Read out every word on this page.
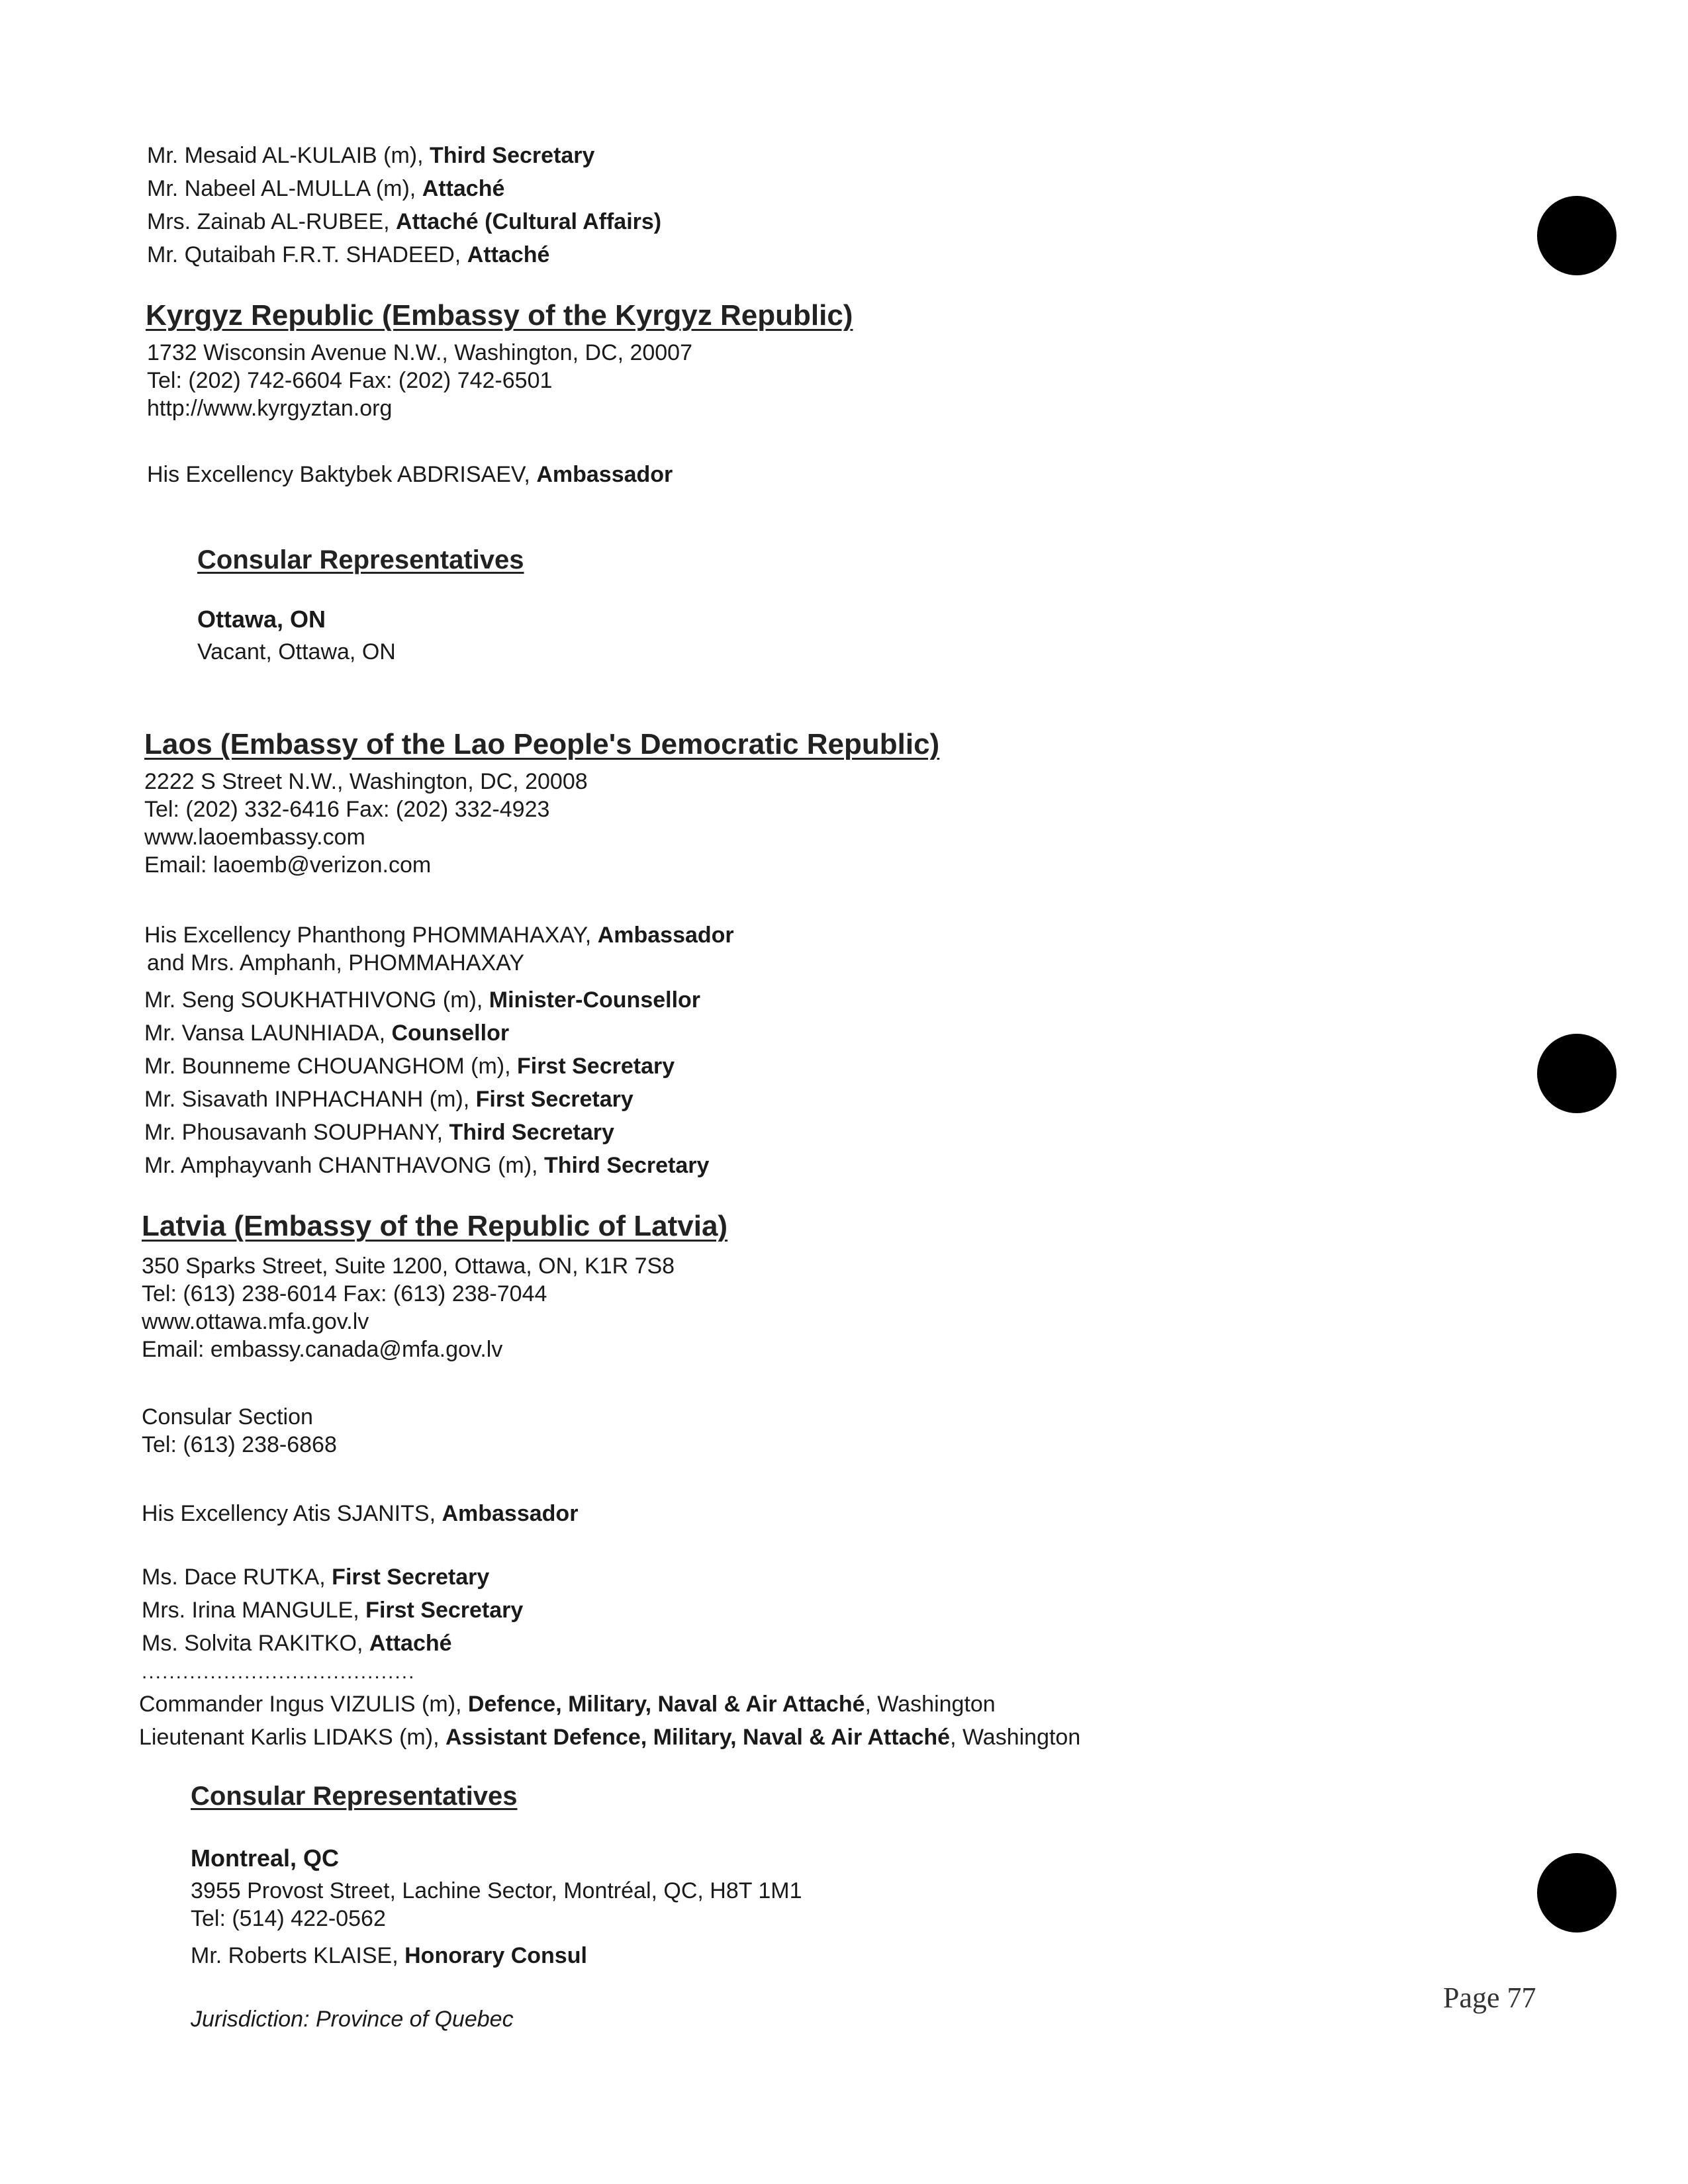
Mr. Mesaid AL-KULAIB (m), Third Secretary
Mr. Nabeel AL-MULLA (m), Attaché
Mrs. Zainab AL-RUBEE, Attaché (Cultural Affairs)
Mr. Qutaibah F.R.T. SHADEED, Attaché
Kyrgyz Republic (Embassy of the Kyrgyz Republic)
1732 Wisconsin Avenue N.W., Washington, DC, 20007
Tel: (202) 742-6604 Fax: (202) 742-6501
http://www.kyrgyztan.org
His Excellency Baktybek ABDRISAEV, Ambassador
Consular Representatives
Ottawa, ON
Vacant, Ottawa, ON
Laos (Embassy of the Lao People's Democratic Republic)
2222 S Street N.W., Washington, DC, 20008
Tel: (202) 332-6416 Fax: (202) 332-4923
www.laoembassy.com
Email: laoemb@verizon.com
His Excellency Phanthong PHOMMAHAXAY, Ambassador
and Mrs. Amphanh, PHOMMAHAXAY
Mr. Seng SOUKHATHIVONG (m), Minister-Counsellor
Mr. Vansa LAUNHIADA, Counsellor
Mr. Bounneme CHOUANGHOM (m), First Secretary
Mr. Sisavath INPHACHANH (m), First Secretary
Mr. Phousavanh SOUPHANY, Third Secretary
Mr. Amphayvanh CHANTHAVONG (m), Third Secretary
Latvia (Embassy of the Republic of Latvia)
350 Sparks Street, Suite 1200, Ottawa, ON, K1R 7S8
Tel: (613) 238-6014 Fax: (613) 238-7044
www.ottawa.mfa.gov.lv
Email: embassy.canada@mfa.gov.lv
Consular Section
Tel: (613) 238-6868
His Excellency Atis SJANITS, Ambassador
Ms. Dace RUTKA, First Secretary
Mrs. Irina MANGULE, First Secretary
Ms. Solvita RAKITKO, Attaché
........................................
Commander Ingus VIZULIS (m), Defence, Military, Naval & Air Attaché, Washington
Lieutenant Karlis LIDAKS (m), Assistant Defence, Military, Naval & Air Attaché, Washington
Consular Representatives
Montreal, QC
3955 Provost Street, Lachine Sector, Montréal, QC, H8T 1M1
Tel: (514) 422-0562
Mr. Roberts KLAISE, Honorary Consul
Jurisdiction: Province of Quebec
Page 77
